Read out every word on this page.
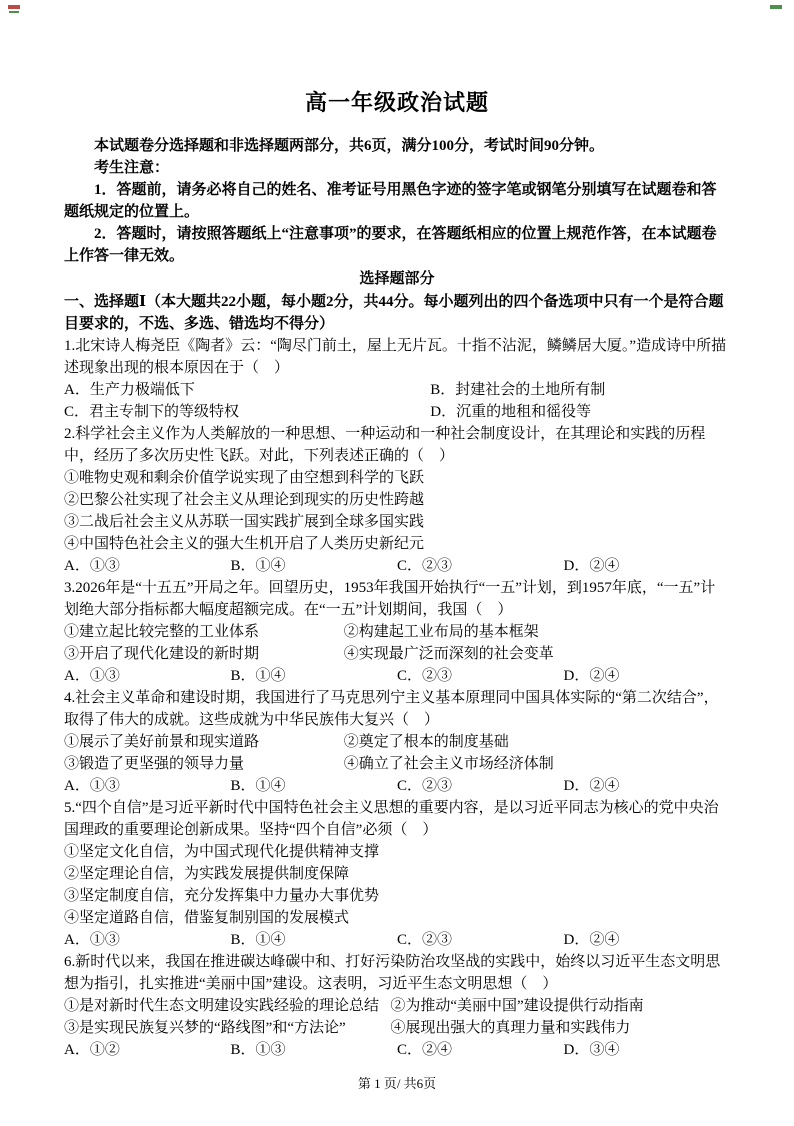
高一年级政治试题

本试题卷分选择题和非选择题两部分，共6页，满分100分，考试时间90分钟。

考生注意：

1．答题前，请务必将自己的姓名、准考证号用黑色字迹的签字笔或钢笔分别填写在试题卷和答题纸规定的位置上。

2．答题时，请按照答题纸上“注意事项”的要求，在答题纸相应的位置上规范作答，在本试题卷上作答一律无效。

选择题部分

一、选择题Ⅰ（本大题共22小题，每小题2分，共44分。每小题列出的四个备选项中只有一个是符合题目要求的，不选、多选、错选均不得分）

1.北宋诗人梅尧臣《陶者》云：“陶尽门前土，屋上无片瓦。十指不沾泥，鳞鳞居大厦。”造成诗中所描述现象出现的根本原因在于（　）

A．生产力极端低下	B．封建社会的土地所有制
C．君主专制下的等级特权	D．沉重的地租和徭役等

2.科学社会主义作为人类解放的一种思想、一种运动和一种社会制度设计，在其理论和实践的历程中，经历了多次历史性飞跃。对此，下列表述正确的（　）

①唯物史观和剩余价值学说实现了由空想到科学的飞跃

②巴黎公社实现了社会主义从理论到现实的历史性跨越

③二战后社会主义从苏联一国实践扩展到全球多国实践

④中国特色社会主义的强大生机开启了人类历史新纪元

A．①③	B．①④	C．②③	D．②④

3.2026年是“十五五”开局之年。回望历史，1953年我国开始执行“一五”计划，到1957年底，“一五”计划绝大部分指标都大幅度超额完成。在“一五”计划期间，我国（　）

①建立起比较完整的工业体系	②构建起工业布局的基本框架
③开启了现代化建设的新时期	④实现最广泛而深刻的社会变革
A．①③	B．①④	C．②③	D．②④

4.社会主义革命和建设时期，我国进行了马克思列宁主义基本原理同中国具体实际的“第二次结合”，取得了伟大的成就。这些成就为中华民族伟大复兴（　）

①展示了美好前景和现实道路	②奠定了根本的制度基础
③锻造了更坚强的领导力量	④确立了社会主义市场经济体制
A．①③	B．①④	C．②③	D．②④

5.“四个自信”是习近平新时代中国特色社会主义思想的重要内容，是以习近平同志为核心的党中央治国理政的重要理论创新成果。坚持“四个自信”必须（　）

①坚定文化自信，为中国式现代化提供精神支撑

②坚定理论自信，为实践发展提供制度保障

③坚定制度自信，充分发挥集中力量办大事优势

④坚定道路自信，借鉴复制别国的发展模式

A．①③	B．①④	C．②③	D．②④

6.新时代以来，我国在推进碳达峰碳中和、打好污染防治攻坚战的实践中，始终以习近平生态文明思想为指引，扎实推进“美丽中国”建设。这表明，习近平生态文明思想（　）

①是对新时代生态文明建设实践经验的理论总结 ②为推动“美丽中国”建设提供行动指南
③是实现民族复兴梦的“路线图”和“方法论”	④展现出强大的真理力量和实践伟力
A．①②	B．①③	C．②④	D．③④
第 1 页/ 共6页
